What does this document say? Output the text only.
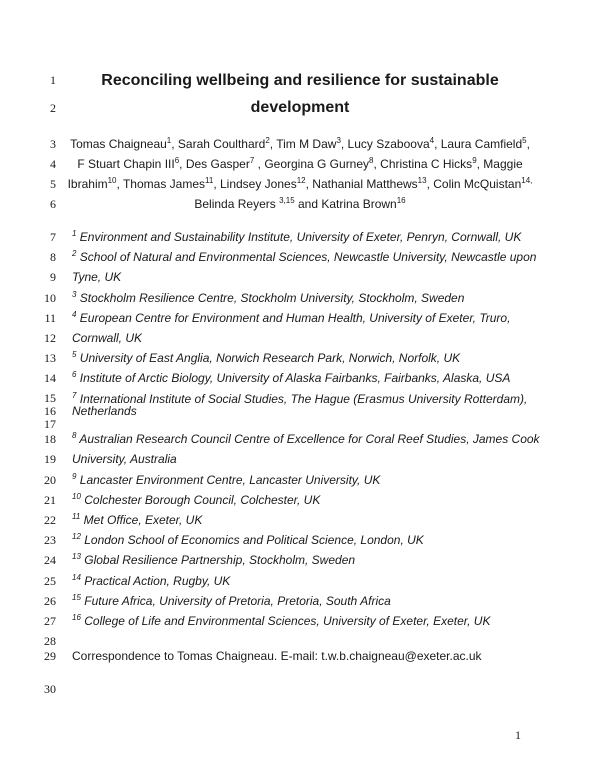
1
2
3
4
5
6
7
8
9
10
11
12
13
14
15
16
17
18
19
20
21
22
23
24
25
26
27
28
29
30
Reconciling wellbeing and resilience for sustainable
development
Tomas Chaigneau$^1$, Sarah Coulthard$^2$, Tim M Daw$^3$, Lucy Szaboova$^4$, Laura Camfield$^5$,
F Stuart Chapin III$^6$, Des Gasper$^7$ , Georgina G Gurney$^8$, Christina C Hicks$^9$, Maggie
Ibrahim$^{10}$, Thomas James$^{11}$, Lindsey Jones$^{12}$, Nathanial Matthews$^{13}$, Colin McQuistan$^{14,}$
Belinda Reyers $^{3,15}$ and Katrina Brown$^{16}$
$^1$ Environment and Sustainability Institute, University of Exeter, Penryn, Cornwall, UK
$^2$ School of Natural and Environmental Sciences, Newcastle University, Newcastle upon
Tyne, UK
$^3$ Stockholm Resilience Centre, Stockholm University, Stockholm, Sweden
$^4$ European Centre for Environment and Human Health, University of Exeter, Truro,
Cornwall, UK
$^5$ University of East Anglia, Norwich Research Park, Norwich, Norfolk, UK
$^6$ Institute of Arctic Biology, University of Alaska Fairbanks, Fairbanks, Alaska, USA
$^7$ International Institute of Social Studies, The Hague (Erasmus University Rotterdam),
Netherlands
$^8$ Australian Research Council Centre of Excellence for Coral Reef Studies, James Cook
University, Australia
$^9$ Lancaster Environment Centre, Lancaster University, UK
$^{10}$ Colchester Borough Council, Colchester, UK
$^{11}$ Met Office, Exeter, UK
$^{12}$ London School of Economics and Political Science, London, UK
$^{13}$ Global Resilience Partnership, Stockholm, Sweden
$^{14}$ Practical Action, Rugby, UK
$^{15}$ Future Africa, University of Pretoria, Pretoria, South Africa
$^{16}$ College of Life and Environmental Sciences, University of Exeter, Exeter, UK
Correspondence to Tomas Chaigneau. E-mail: t.w.b.chaigneau@exeter.ac.uk
1
